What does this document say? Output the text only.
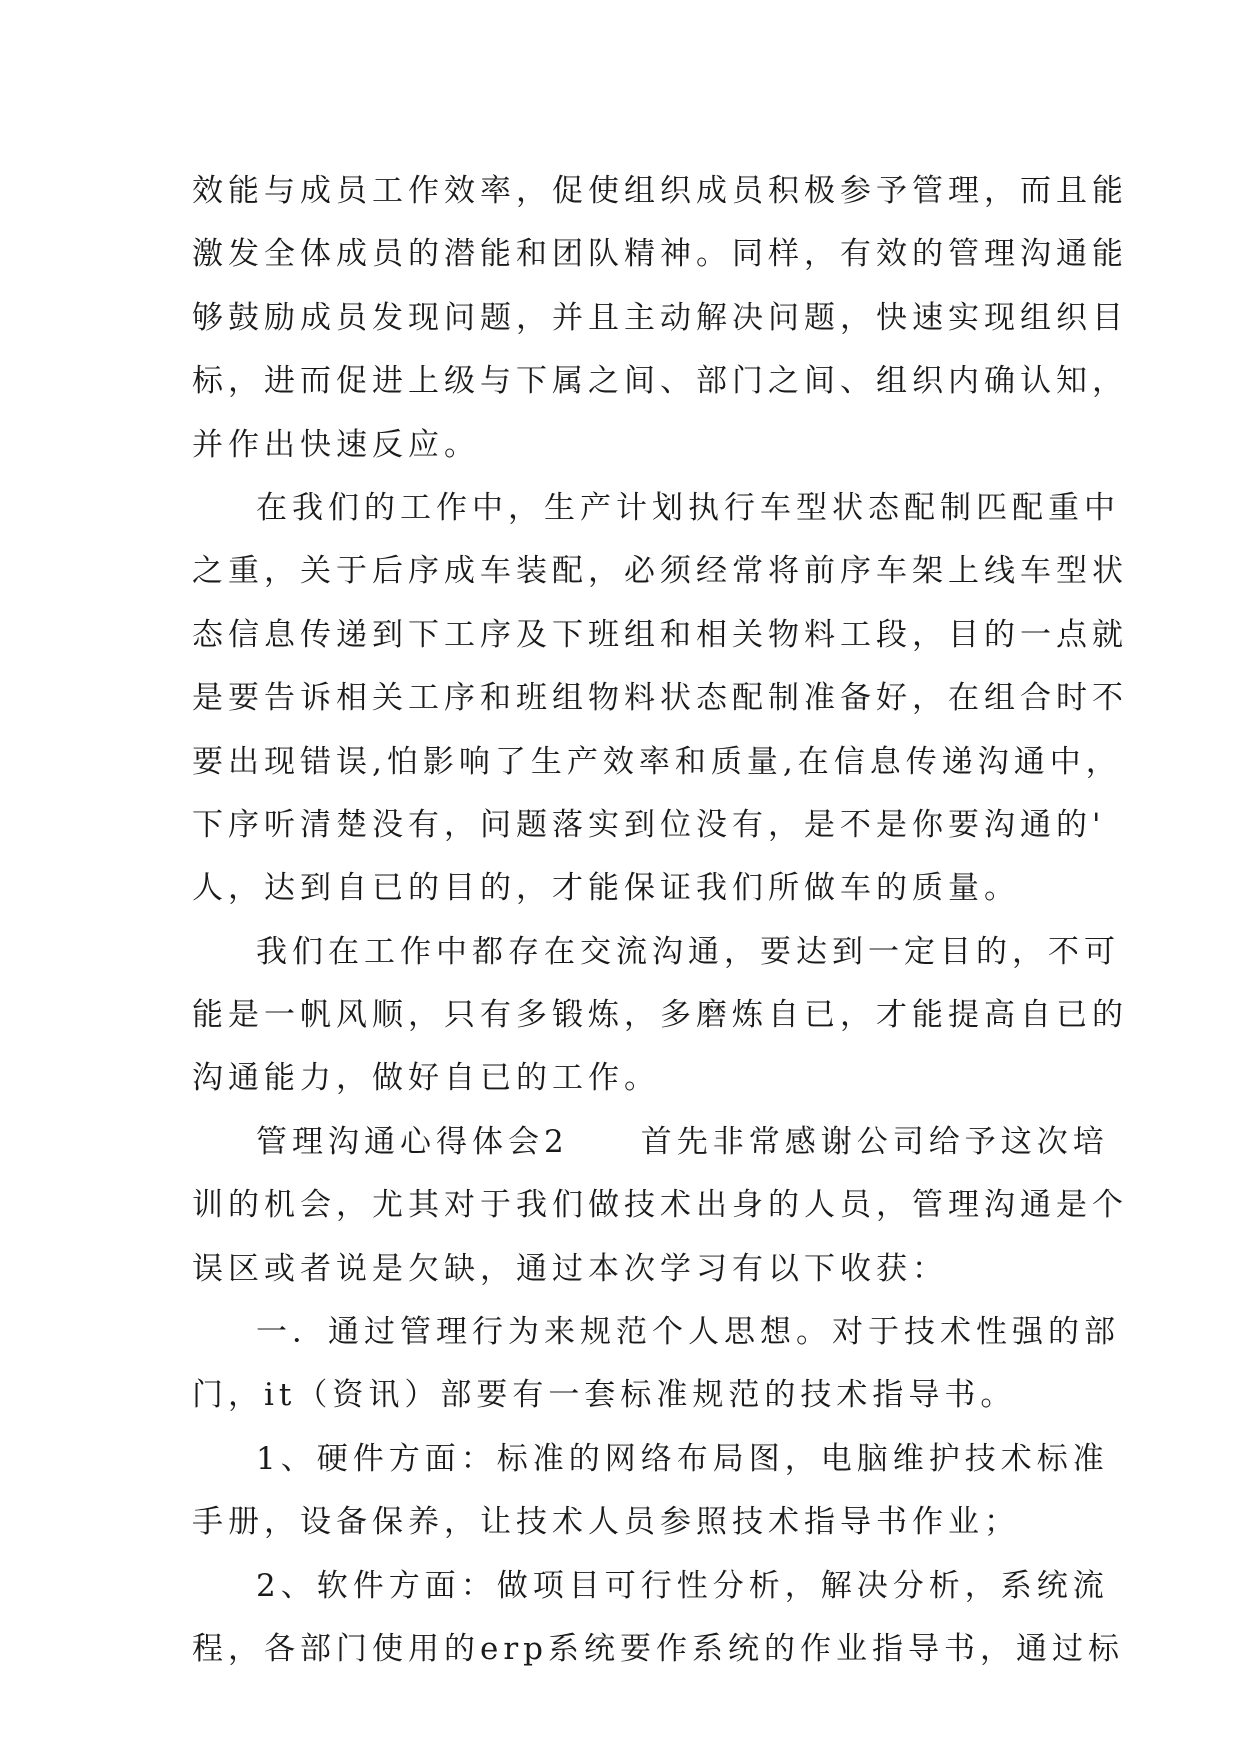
效能与成员工作效率，促使组织成员积极参予管理，而且能
激发全体成员的潜能和团队精神。同样，有效的管理沟通能
够鼓励成员发现问题，并且主动解决问题，快速实现组织目
标，进而促进上级与下属之间、部门之间、组织内确认知，
并作出快速反应。
在我们的工作中，生产计划执行车型状态配制匹配重中
之重，关于后序成车装配，必须经常将前序车架上线车型状
态信息传递到下工序及下班组和相关物料工段，目的一点就
是要告诉相关工序和班组物料状态配制准备好，在组合时不
要出现错误,怕影响了生产效率和质量,在信息传递沟通中，
下序听清楚没有，问题落实到位没有，是不是你要沟通的'
人，达到自已的目的，才能保证我们所做车的质量。
我们在工作中都存在交流沟通，要达到一定目的，不可
能是一帆风顺，只有多锻炼，多磨炼自已，才能提高自已的
沟通能力，做好自已的工作。
管理沟通心得体会2　　首先非常感谢公司给予这次培
训的机会，尤其对于我们做技术出身的人员，管理沟通是个
误区或者说是欠缺，通过本次学习有以下收获：
一．通过管理行为来规范个人思想。对于技术性强的部
门，it（资讯）部要有一套标准规范的技术指导书。
1、硬件方面：标准的网络布局图，电脑维护技术标准
手册，设备保养，让技术人员参照技术指导书作业；
2、软件方面：做项目可行性分析，解决分析，系统流
程，各部门使用的erp系统要作系统的作业指导书，通过标
